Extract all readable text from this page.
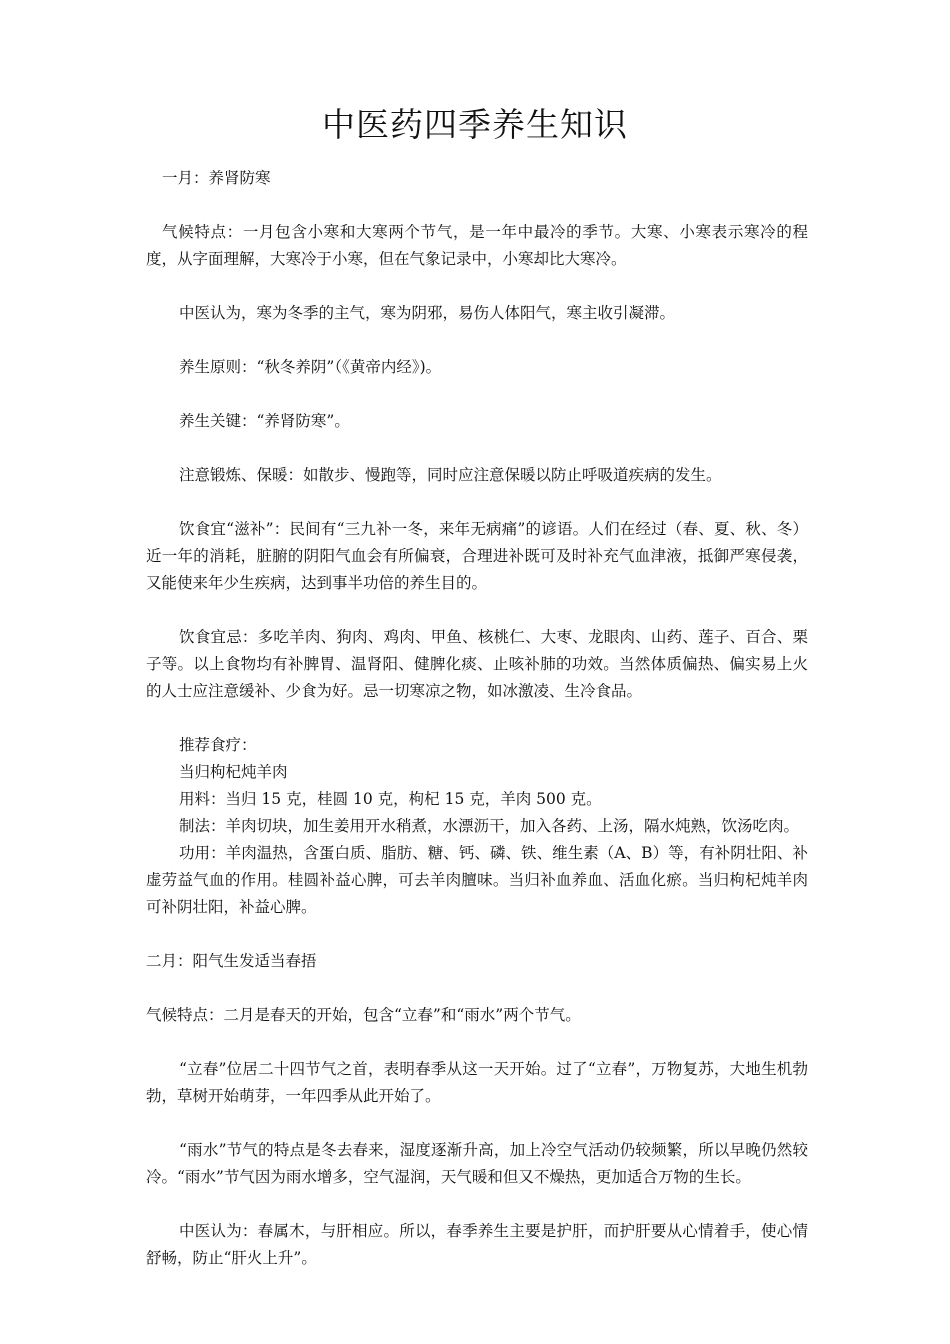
中医药四季养生知识

一月：养肾防寒

气候特点：一月包含小寒和大寒两个节气，是一年中最冷的季节。大寒、小寒表示寒冷的程度，从字面理解，大寒冷于小寒，但在气象记录中，小寒却比大寒冷。

中医认为，寒为冬季的主气，寒为阴邪，易伤人体阳气，寒主收引凝滞。

养生原则：“秋冬养阴”（《黄帝内经》)。

养生关键：“养肾防寒”。

注意锻炼、保暖：如散步、慢跑等，同时应注意保暖以防止呼吸道疾病的发生。

饮食宜“滋补”：民间有“三九补一冬，来年无病痛”的谚语。人们在经过（春、夏、秋、冬）近一年的消耗，脏腑的阴阳气血会有所偏衰，合理进补既可及时补充气血津液，抵御严寒侵袭，又能使来年少生疾病，达到事半功倍的养生目的。

饮食宜忌：多吃羊肉、狗肉、鸡肉、甲鱼、核桃仁、大枣、龙眼肉、山药、莲子、百合、栗子等。以上食物均有补脾胃、温肾阳、健脾化痰、止咳补肺的功效。当然体质偏热、偏实易上火的人士应注意缓补、少食为好。忌一切寒凉之物，如冰激凌、生冷食品。

推荐食疗：

当归枸杞炖羊肉

用料：当归 15 克，桂圆 10 克，枸杞 15 克，羊肉 500 克。

制法：羊肉切块，加生姜用开水稍煮，水漂沥干，加入各药、上汤，隔水炖熟，饮汤吃肉。

功用：羊肉温热，含蛋白质、脂肪、糖、钙、磷、铁、维生素（A、B）等，有补阴壮阳、补虚劳益气血的作用。桂圆补益心脾，可去羊肉膻味。当归补血养血、活血化瘀。当归枸杞炖羊肉可补阴壮阳，补益心脾。

二月：阳气生发适当春捂

气候特点：二月是春天的开始，包含“立春”和“雨水”两个节气。

“立春”位居二十四节气之首，表明春季从这一天开始。过了“立春”，万物复苏，大地生机勃勃，草树开始萌芽，一年四季从此开始了。

“雨水”节气的特点是冬去春来，湿度逐渐升高，加上冷空气活动仍较频繁，所以早晚仍然较冷。“雨水”节气因为雨水增多，空气湿润，天气暖和但又不燥热，更加适合万物的生长。

中医认为：春属木，与肝相应。所以，春季养生主要是护肝，而护肝要从心情着手，使心情舒畅，防止“肝火上升”。
